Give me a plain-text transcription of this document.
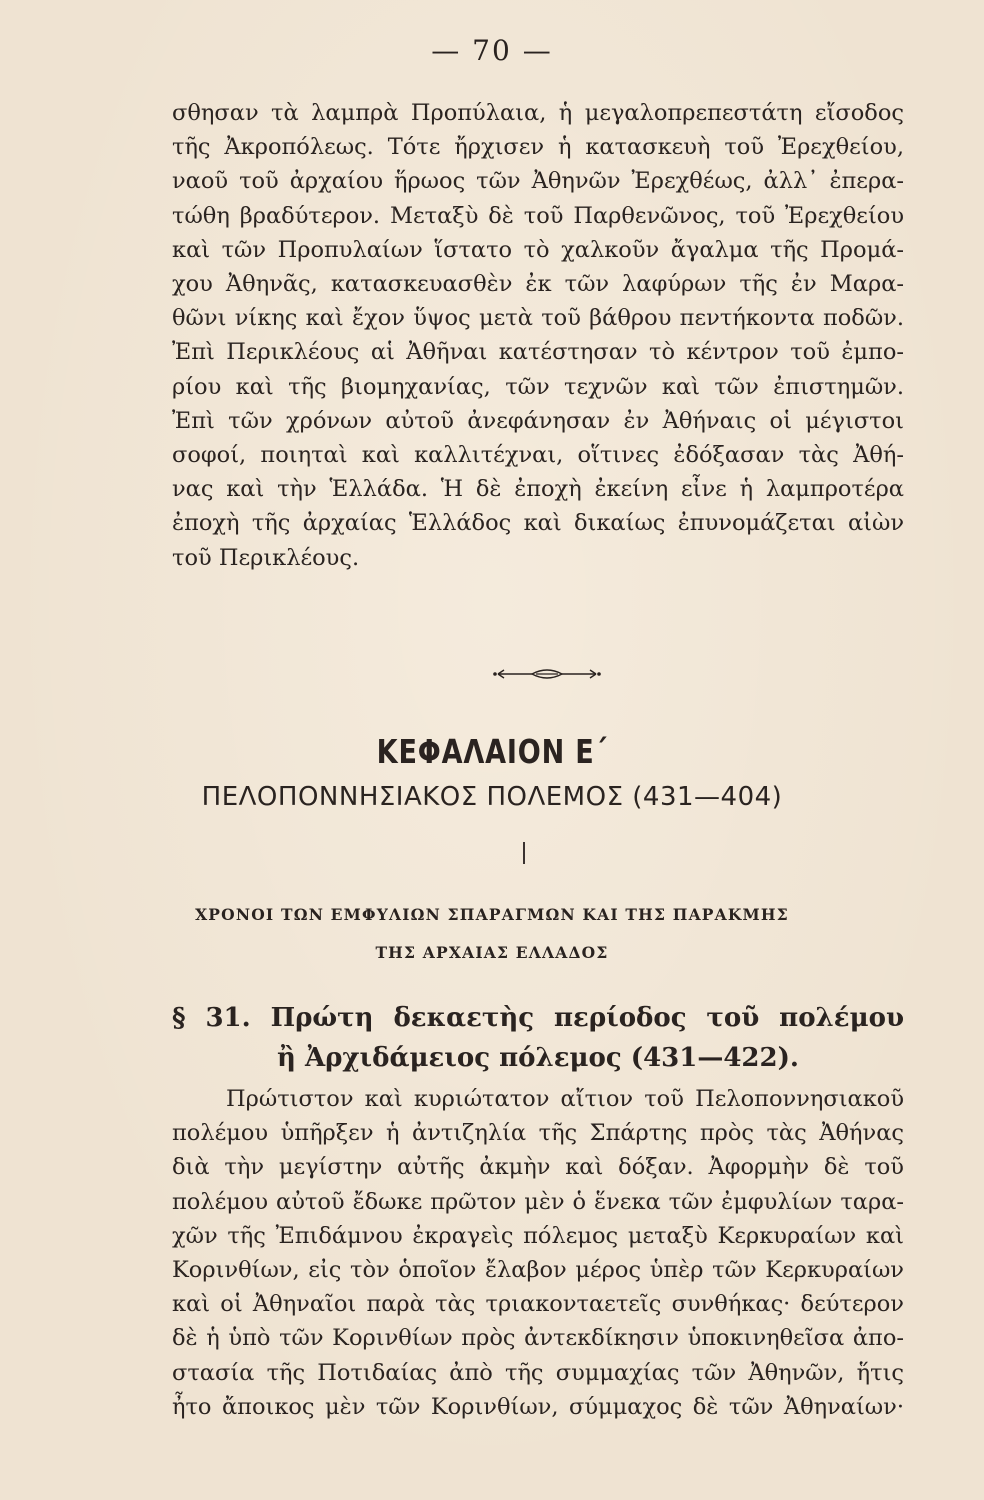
— 70 —

σθησαν τὰ λαμπρὰ Προπύλαια, ἡ μεγαλοπρεπεστάτη εἴσοδος
τῆς Ἀκροπόλεως. Τότε ἤρχισεν ἡ κατασκευὴ τοῦ Ἐρεχθείου,
ναοῦ τοῦ ἀρχαίου ἥρωος τῶν Ἀθηνῶν Ἐρεχθέως, ἀλλ᾽ ἐπερα-
τώθη βραδύτερον. Μεταξὺ δὲ τοῦ Παρθενῶνος, τοῦ Ἐρεχθείου
καὶ τῶν Προπυλαίων ἵστατο τὸ χαλκοῦν ἄγαλμα τῆς Προμά-
χου Ἀθηνᾶς, κατασκευασθὲν ἐκ τῶν λαφύρων τῆς ἐν Μαρα-
θῶνι νίκης καὶ ἔχον ὕψος μετὰ τοῦ βάθρου πεντήκοντα ποδῶν.
Ἐπὶ Περικλέους αἱ Ἀθῆναι κατέστησαν τὸ κέντρον τοῦ ἐμπο-
ρίου καὶ τῆς βιομηχανίας, τῶν τεχνῶν καὶ τῶν ἐπιστημῶν.
Ἐπὶ τῶν χρόνων αὐτοῦ ἀνεφάνησαν ἐν Ἀθήναις οἱ μέγιστοι
σοφοί, ποιηταὶ καὶ καλλιτέχναι, οἵτινες ἐδόξασαν τὰς Ἀθή-
νας καὶ τὴν Ἑλλάδα. Ἡ δὲ ἐποχὴ ἐκείνη εἶνε ἡ λαμπροτέρα
ἐποχὴ τῆς ἀρχαίας Ἑλλάδος καὶ δικαίως ἐπυνομάζεται αἰὼν
τοῦ Περικλέους.

ΚΕΦΑΛΑΙΟΝ Ε΄
ΠΕΛΟΠΟΝΝΗΣΙΑΚΟΣ ΠΟΛΕΜΟΣ (431—404)
ΧΡΟΝΟΙ ΤΩΝ ΕΜΦΥΛΙΩΝ ΣΠΑΡΑΓΜΩΝ ΚΑΙ ΤΗΣ ΠΑΡΑΚΜΗΣ
ΤΗΣ ΑΡΧΑΙΑΣ ΕΛΛΑΔΟΣ
§ 31. Πρώτη δεκαετὴς περίοδος τοῦ πολέμου
ἢ Ἀρχιδάμειος πόλεμος (431—422).

Πρώτιστον καὶ κυριώτατον αἴτιον τοῦ Πελοποννησιακοῦ
πολέμου ὑπῆρξεν ἡ ἀντιζηλία τῆς Σπάρτης πρὸς τὰς Ἀθήνας
διὰ τὴν μεγίστην αὐτῆς ἀκμὴν καὶ δόξαν. Ἀφορμὴν δὲ τοῦ
πολέμου αὐτοῦ ἔδωκε πρῶτον μὲν ὁ ἕνεκα τῶν ἐμφυλίων ταρα-
χῶν τῆς Ἐπιδάμνου ἐκραγεὶς πόλεμος μεταξὺ Κερκυραίων καὶ
Κορινθίων, εἰς τὸν ὁποῖον ἔλαβον μέρος ὑπὲρ τῶν Κερκυραίων
καὶ οἱ Ἀθηναῖοι παρὰ τὰς τριακονταετεῖς συνθήκας· δεύτερον
δὲ ἡ ὑπὸ τῶν Κορινθίων πρὸς ἀντεκδίκησιν ὑποκινηθεῖσα ἀπο-
στασία τῆς Ποτιδαίας ἀπὸ τῆς συμμαχίας τῶν Ἀθηνῶν, ἥτις
ἦτο ἄποικος μὲν τῶν Κορινθίων, σύμμαχος δὲ τῶν Ἀθηναίων·
